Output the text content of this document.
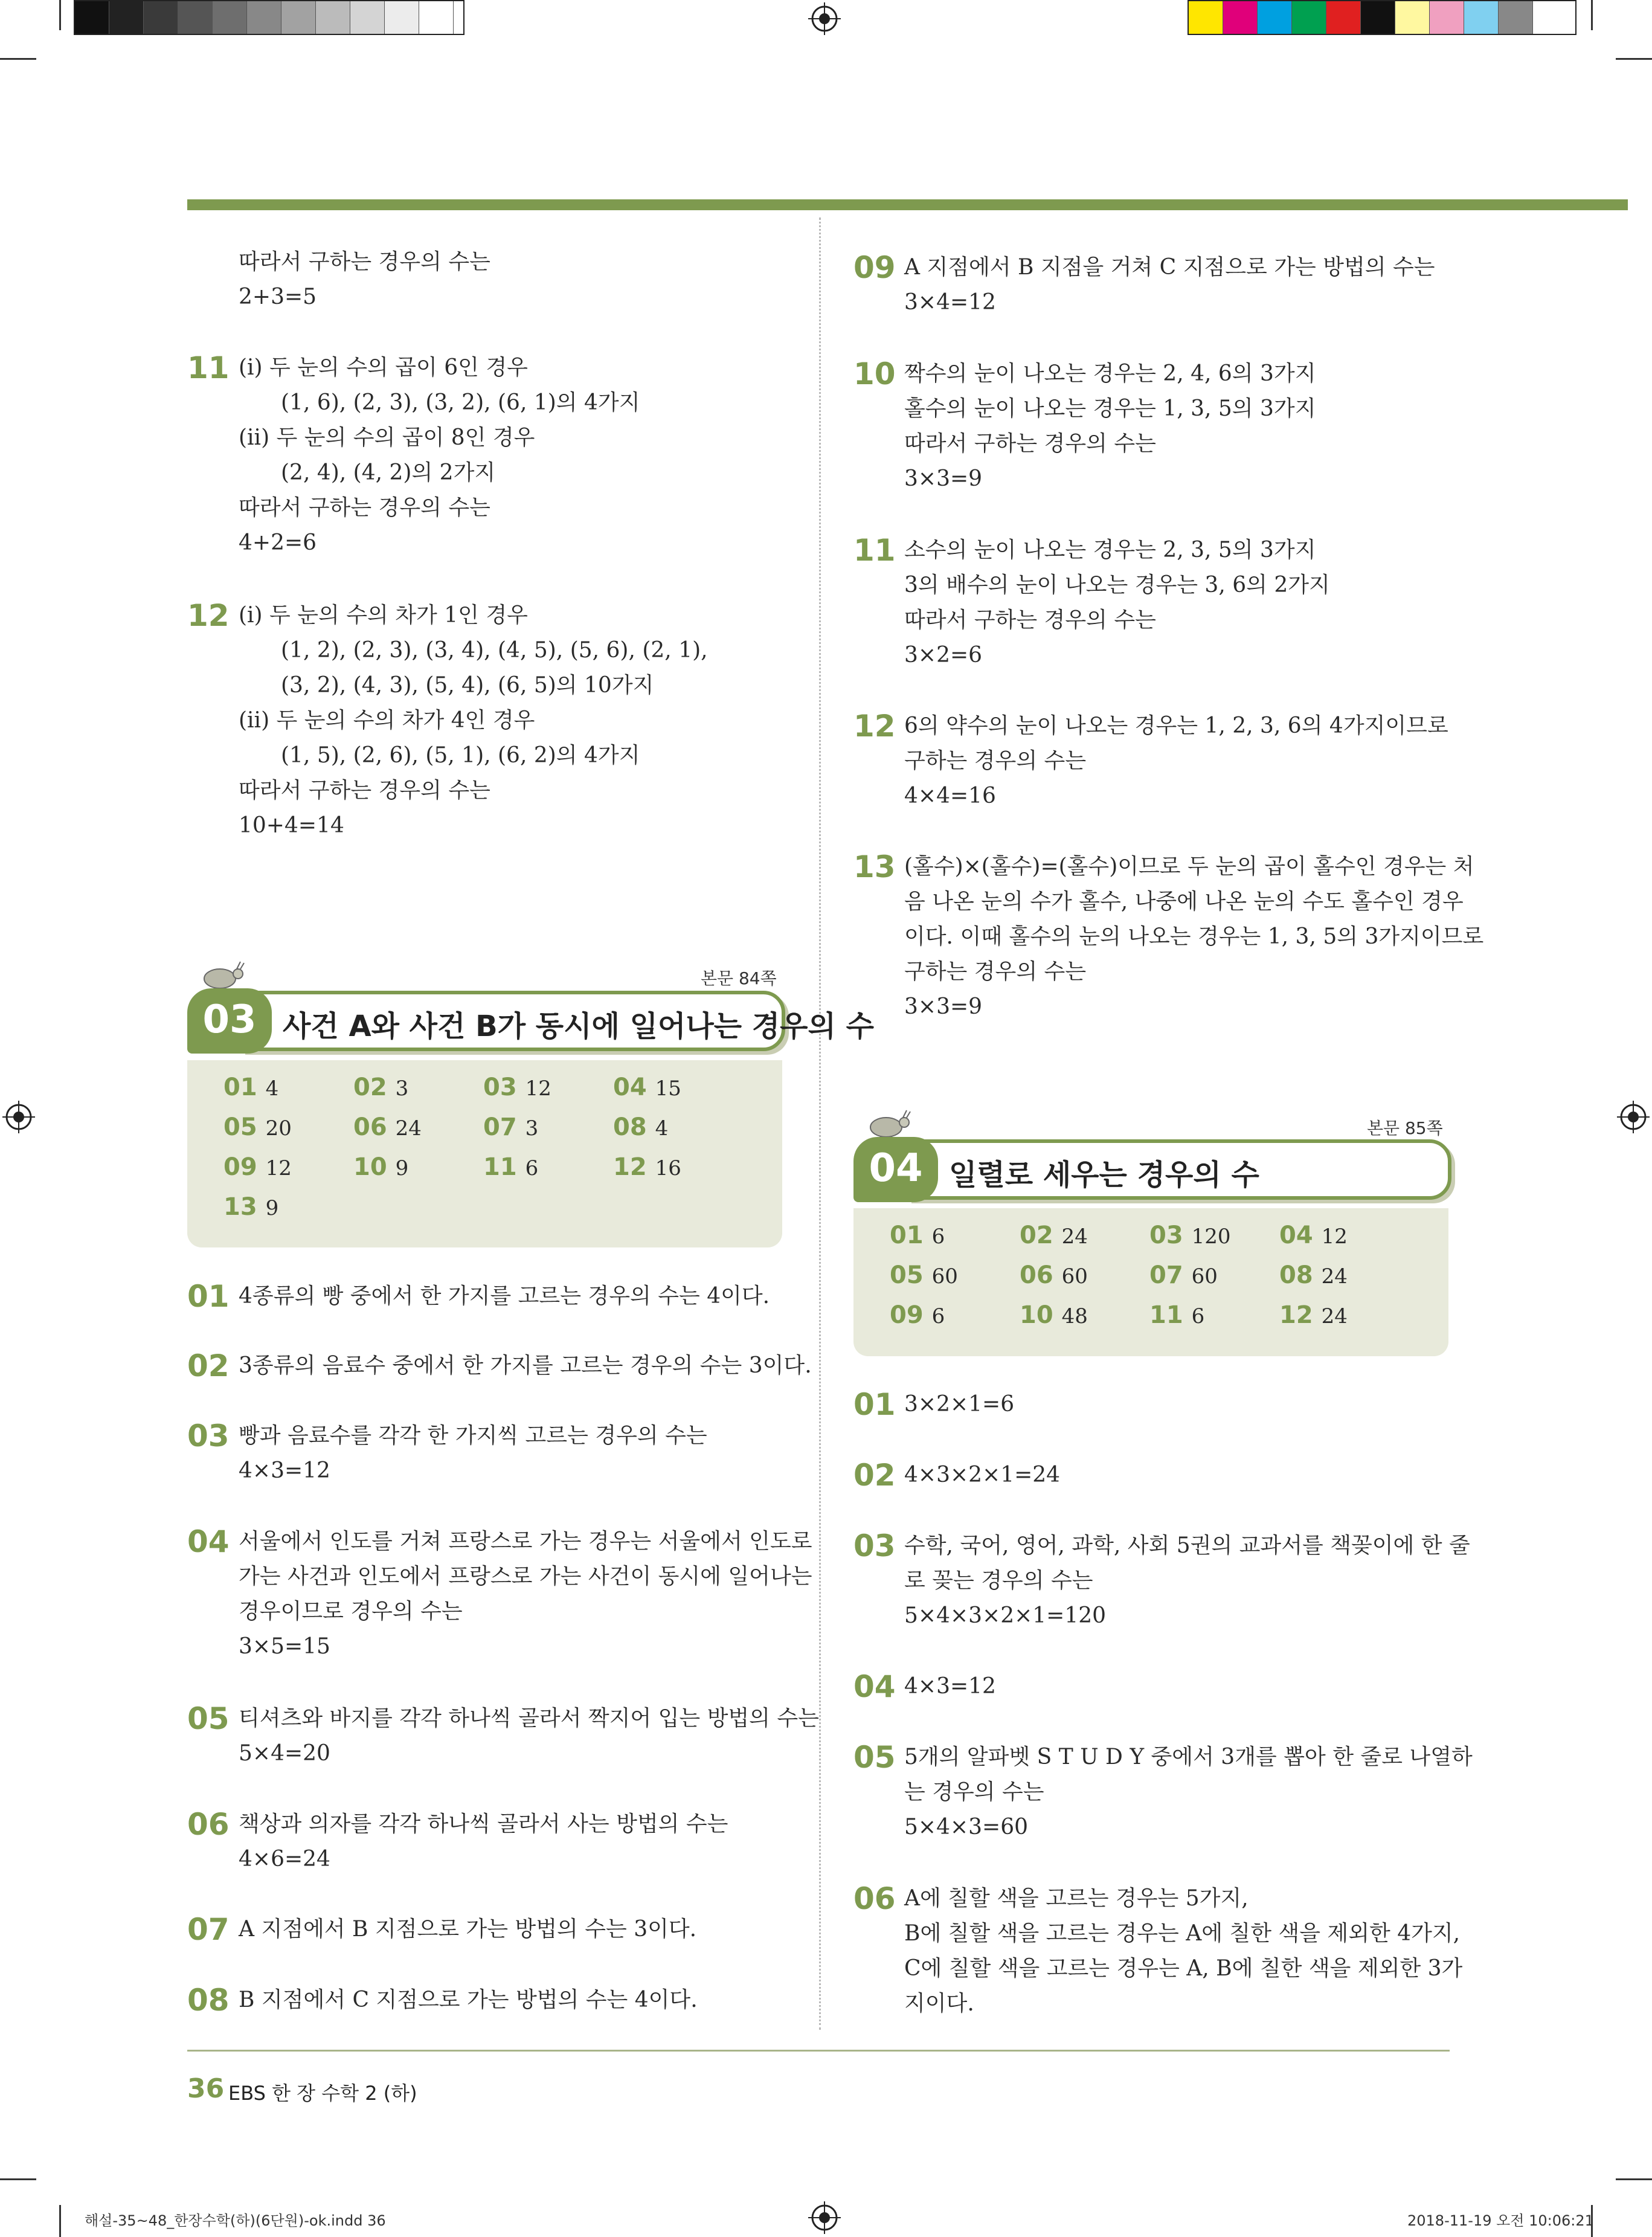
따라서 구하는 경우의 수는
2+3=5
11 (ⅰ) 두 눈의 수의 곱이 6인 경우
(1, 6), (2, 3), (3, 2), (6, 1)의 4가지
(ⅱ) 두 눈의 수의 곱이 8인 경우
(2, 4), (4, 2)의 2가지
따라서 구하는 경우의 수는
4+2=6
12 (ⅰ) 두 눈의 수의 차가 1인 경우
(1, 2), (2, 3), (3, 4), (4, 5), (5, 6), (2, 1),
(3, 2), (4, 3), (5, 4), (6, 5)의 10가지
(ⅱ) 두 눈의 수의 차가 4인 경우
(1, 5), (2, 6), (5, 1), (6, 2)의 4가지
따라서 구하는 경우의 수는
10+4=14
본문 84쪽
03 사건 A와 사건 B가 동시에 일어나는 경우의 수
01 4	02 3	03 12	04 15
05 20	06 24	07 3	08 4
09 12	10 9	11 6	12 16
13 9
01 4종류의 빵 중에서 한 가지를 고르는 경우의 수는 4이다.
02 3종류의 음료수 중에서 한 가지를 고르는 경우의 수는 3이다.
03 빵과 음료수를 각각 한 가지씩 고르는 경우의 수는
4×3=12
04 서울에서 인도를 거쳐 프랑스로 가는 경우는 서울에서 인도로
가는 사건과 인도에서 프랑스로 가는 사건이 동시에 일어나는
경우이므로 경우의 수는
3×5=15
05 티셔츠와 바지를 각각 하나씩 골라서 짝지어 입는 방법의 수는
5×4=20
06 책상과 의자를 각각 하나씩 골라서 사는 방법의 수는
4×6=24
07 A 지점에서 B 지점으로 가는 방법의 수는 3이다.
08 B 지점에서 C 지점으로 가는 방법의 수는 4이다.
09 A 지점에서 B 지점을 거쳐 C 지점으로 가는 방법의 수는
3×4=12
10 짝수의 눈이 나오는 경우는 2, 4, 6의 3가지
홀수의 눈이 나오는 경우는 1, 3, 5의 3가지
따라서 구하는 경우의 수는
3×3=9
11 소수의 눈이 나오는 경우는 2, 3, 5의 3가지
3의 배수의 눈이 나오는 경우는 3, 6의 2가지
따라서 구하는 경우의 수는
3×2=6
12 6의 약수의 눈이 나오는 경우는 1, 2, 3, 6의 4가지이므로
구하는 경우의 수는
4×4=16
13 (홀수)×(홀수)=(홀수)이므로 두 눈의 곱이 홀수인 경우는 처
음 나온 눈의 수가 홀수, 나중에 나온 눈의 수도 홀수인 경우
이다. 이때 홀수의 눈의 나오는 경우는 1, 3, 5의 3가지이므로
구하는 경우의 수는
3×3=9
본문 85쪽
04 일렬로 세우는 경우의 수
01 6	02 24	03 120 04 12
05 60	06 60	07 60	08 24
09 6	10 48	11 6	12 24
01 3×2×1=6
02 4×3×2×1=24
03 수학, 국어, 영어, 과학, 사회 5권의 교과서를 책꽂이에 한 줄
로 꽂는 경우의 수는
5×4×3×2×1=120
04 4×3=12
05 5개의 알파벳 S T U D Y 중에서 3개를 뽑아 한 줄로 나열하
는 경우의 수는
5×4×3=60
06 A에 칠할 색을 고르는 경우는 5가지,
B에 칠할 색을 고르는 경우는 A에 칠한 색을 제외한 4가지,
C에 칠할 색을 고르는 경우는 A, B에 칠한 색을 제외한 3가
지이다.
36 EBS 한 장 수학 2 (하)
해설-35~48_한장수학(하)(6단원)-ok.indd 36	2018-11-19 오전 10:06:21
